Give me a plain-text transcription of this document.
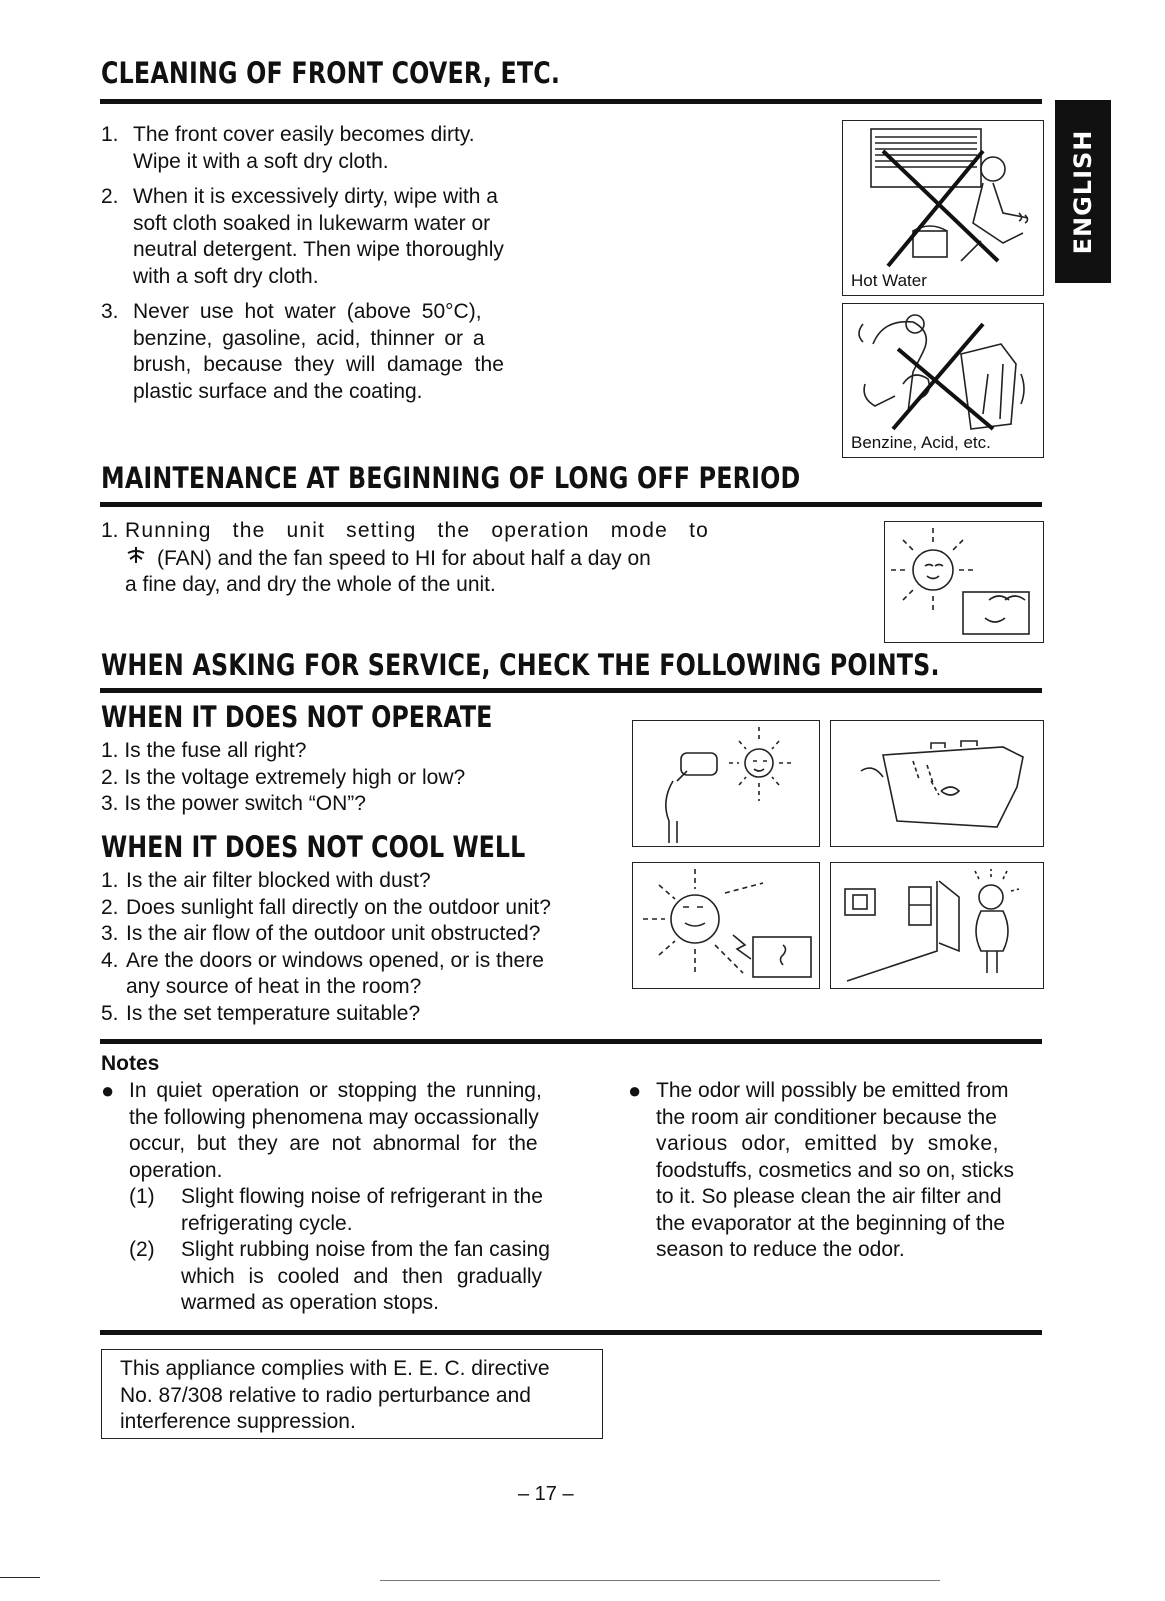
CLEANING OF FRONT COVER, ETC.
1. The front cover easily becomes dirty.
Wipe it with a soft dry cloth.
2. When it is excessively dirty, wipe with a
soft cloth soaked in lukewarm water or
neutral detergent. Then wipe thoroughly
with a soft dry cloth.
3. Never use hot water (above 50°C),
benzine, gasoline, acid, thinner or a
brush, because they will damage the
plastic surface and the coating.
Hot Water
Benzine, Acid, etc.
ENGLISH
MAINTENANCE AT BEGINNING OF LONG OFF PERIOD
1. Running the unit setting the operation mode to
(FAN) and the fan speed to HI for about half a day on
a fine day, and dry the whole of the unit.
WHEN ASKING FOR SERVICE, CHECK THE FOLLOWING POINTS.
WHEN IT DOES NOT OPERATE
1. Is the fuse all right?
2. Is the voltage extremely high or low?
3. Is the power switch “ON”?
WHEN IT DOES NOT COOL WELL
1. Is the air filter blocked with dust?
2. Does sunlight fall directly on the outdoor unit?
3. Is the air flow of the outdoor unit obstructed?
4. Are the doors or windows opened, or is there
any source of heat in the room?
5. Is the set temperature suitable?
Notes
● In quiet operation or stopping the running,
the following phenomena may occassionally
occur, but they are not abnormal for the
operation.
(1)	Slight flowing noise of refrigerant in the
refrigerating cycle.
(2)	Slight rubbing noise from the fan casing
which is cooled and then gradually
warmed as operation stops.
● The odor will possibly be emitted from
the room air conditioner because the
various odor, emitted by smoke,
foodstuffs, cosmetics and so on, sticks
to it. So please clean the air filter and
the evaporator at the beginning of the
season to reduce the odor.
This appliance complies with E. E. C. directive
No. 87/308 relative to radio perturbance and
interference suppression.
– 17 –
